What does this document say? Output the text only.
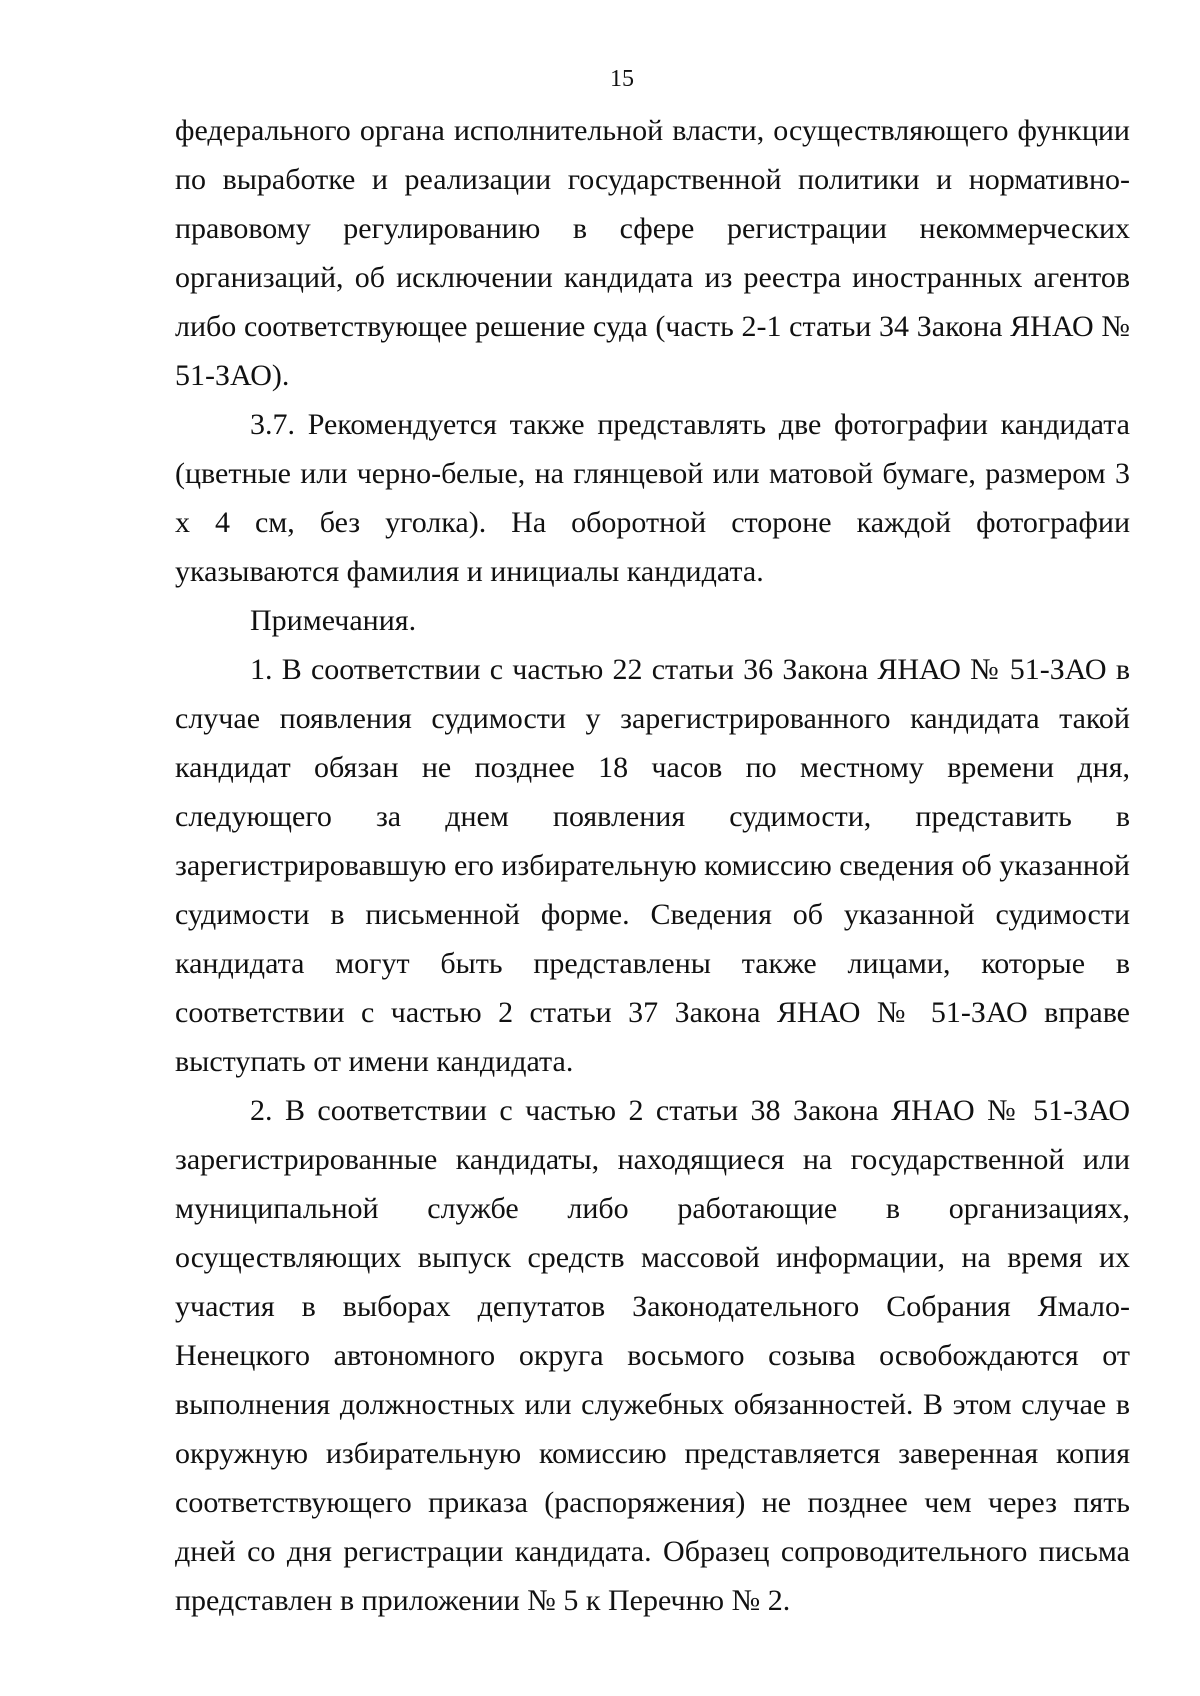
15

федерального органа исполнительной власти, осуществляющего функции по выработке и реализации государственной политики и нормативно-правовому регулированию в сфере регистрации некоммерческих организаций, об исключении кандидата из реестра иностранных агентов либо соответствующее решение суда (часть 2-1 статьи 34 Закона ЯНАО № 51-ЗАО).

3.7. Рекомендуется также представлять две фотографии кандидата (цветные или черно-белые, на глянцевой или матовой бумаге, размером 3 x 4 см, без уголка). На оборотной стороне каждой фотографии указываются фамилия и инициалы кандидата.

Примечания.

1. В соответствии с частью 22 статьи 36 Закона ЯНАО № 51-ЗАО в случае появления судимости у зарегистрированного кандидата такой кандидат обязан не позднее 18 часов по местному времени дня, следующего за днем появления судимости, представить в зарегистрировавшую его избирательную комиссию сведения об указанной судимости в письменной форме. Сведения об указанной судимости кандидата могут быть представлены также лицами, которые в соответствии с частью 2 статьи 37 Закона ЯНАО № 51-ЗАО вправе выступать от имени кандидата.

2. В соответствии с частью 2 статьи 38 Закона ЯНАО № 51-ЗАО зарегистрированные кандидаты, находящиеся на государственной или муниципальной службе либо работающие в организациях, осуществляющих выпуск средств массовой информации, на время их участия в выборах депутатов Законодательного Собрания Ямало-Ненецкого автономного округа восьмого созыва освобождаются от выполнения должностных или служебных обязанностей. В этом случае в окружную избирательную комиссию представляется заверенная копия соответствующего приказа (распоряжения) не позднее чем через пять дней со дня регистрации кандидата. Образец сопроводительного письма представлен в приложении № 5 к Перечню № 2.
